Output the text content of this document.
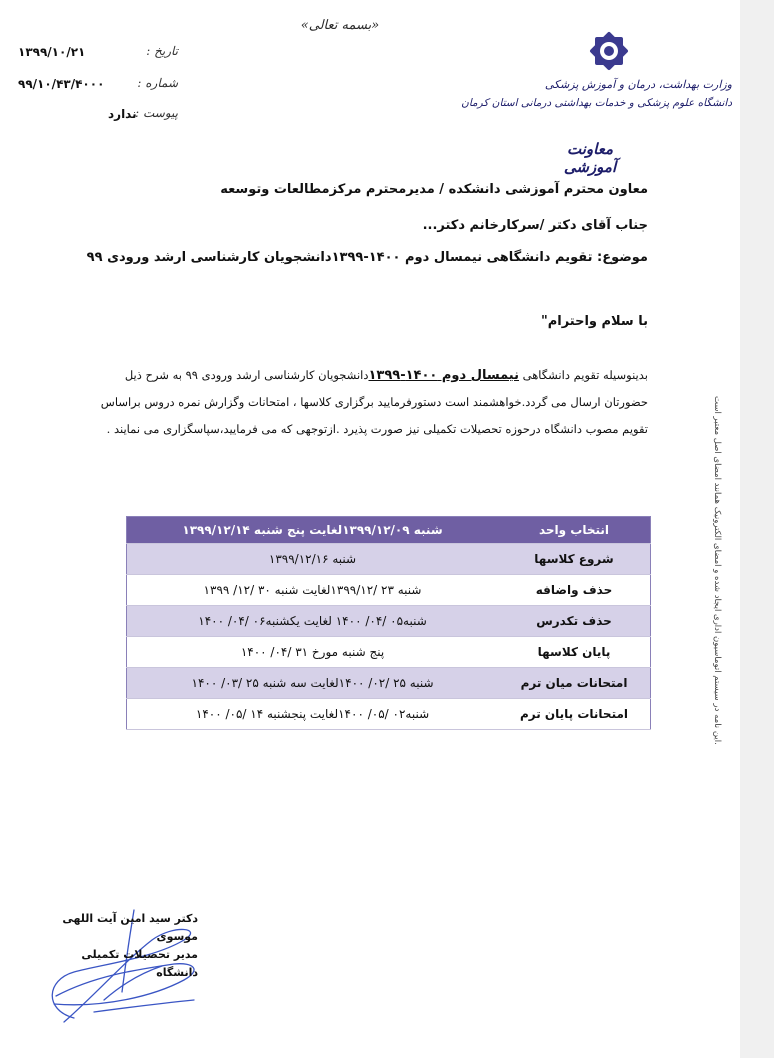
این نامه در سیستم اتوماسیون اداری ایجاد شده و امضای الکترونیک همانند امضای اصل معتبر است.
«بسمه تعالی»
تاریخ :
۱۳۹۹/۱۰/۲۱
شماره :
۹۹/۱۰/۴۳/۴۰۰۰
پیوست :
ندارد
وزارت بهداشت، درمان و آموزش پزشکی
دانشگاه علوم پزشکی و خدمات بهداشتی درمانی استان کرمان
معاونت آموزشی
معاون محترم آموزشی دانشکده / مدیرمحترم مرکزمطالعات وتوسعه
جناب آقای دکتر /سرکارخانم دکتر...
موضوع: تقویم دانشگاهی نیمسال دوم ۱۴۰۰-۱۳۹۹دانشجویان کارشناسی ارشد ورودی ۹۹
با سلام واحترام"
بدینوسیله تقویم دانشگاهی نیمسال دوم ۱۴۰۰-۱۳۹۹دانشجویان کارشناسی ارشد ورودی ۹۹ به شرح ذیل حضورتان ارسال می گردد.خواهشمند است دستورفرمایید برگزاری کلاسها ، امتحانات وگزارش نمره دروس براساس تقویم مصوب دانشگاه درحوزه تحصیلات تکمیلی نیز صورت پذیرد .ازتوجهی که می فرمایید،سپاسگزاری می نمایند .
انتخاب واحد	شنبه ۱۳۹۹/۱۲/۰۹لغایت پنج شنبه ۱۳۹۹/۱۲/۱۴
شروع کلاسها	شنبه ۱۳۹۹/۱۲/۱۶
حذف واضافه	شنبه ۲۳ /۱۳۹۹/۱۲لغایت شنبه ۳۰ /۱۲/ ۱۳۹۹
حذف تکدرس	شنبه۰۵ /۰۴/ ۱۴۰۰ لغایت یکشنبه۰۶ /۰۴/ ۱۴۰۰
پایان کلاسها	پنج شنبه مورخ ۳۱ /۰۴/ ۱۴۰۰
امتحانات میان ترم	شنبه ۲۵ /۰۲/ ۱۴۰۰لغایت سه شنبه ۲۵ /۰۳/ ۱۴۰۰
امتحانات پایان ترم	شنبه۰۲ /۰۵/ ۱۴۰۰لغایت پنجشنبه ۱۴ /۰۵/ ۱۴۰۰
دکتر سید امین آیت اللهی موسوی
مدیر تحصیلات تکمیلی دانشگاه
